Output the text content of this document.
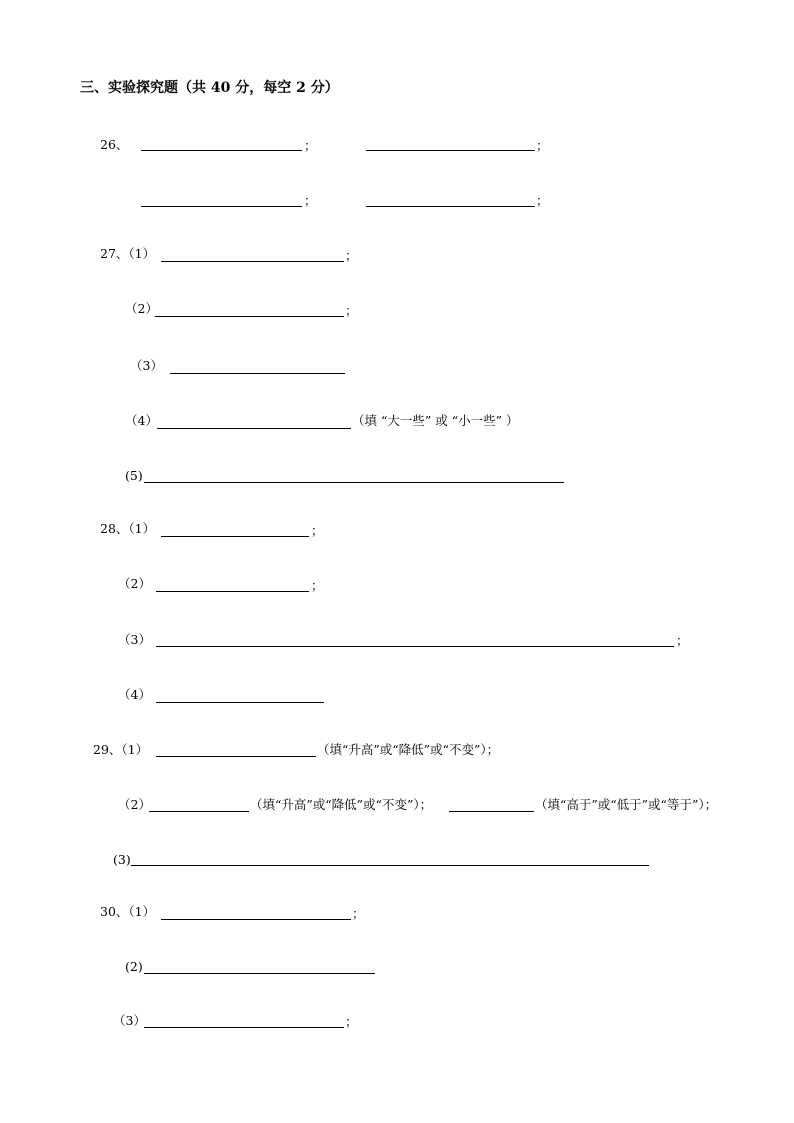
三、实验探究题（共 40 分，每空 2 分）
26、	；	；
；	；
27、（1）	；
（2）	；
（3）
（4）	（填 “大一些” 或 “小一些” ）
(5)
28、（1）	；
（2）	；
（3）	；
（4）
29、（1）	（填“升高”或“降低”或“不变”）；
（2）	（填“升高”或“降低”或“不变”）；	（填“高于”或“低于”或“等于”）；
(3)
30、（1）	；
(2)
（3）	；
